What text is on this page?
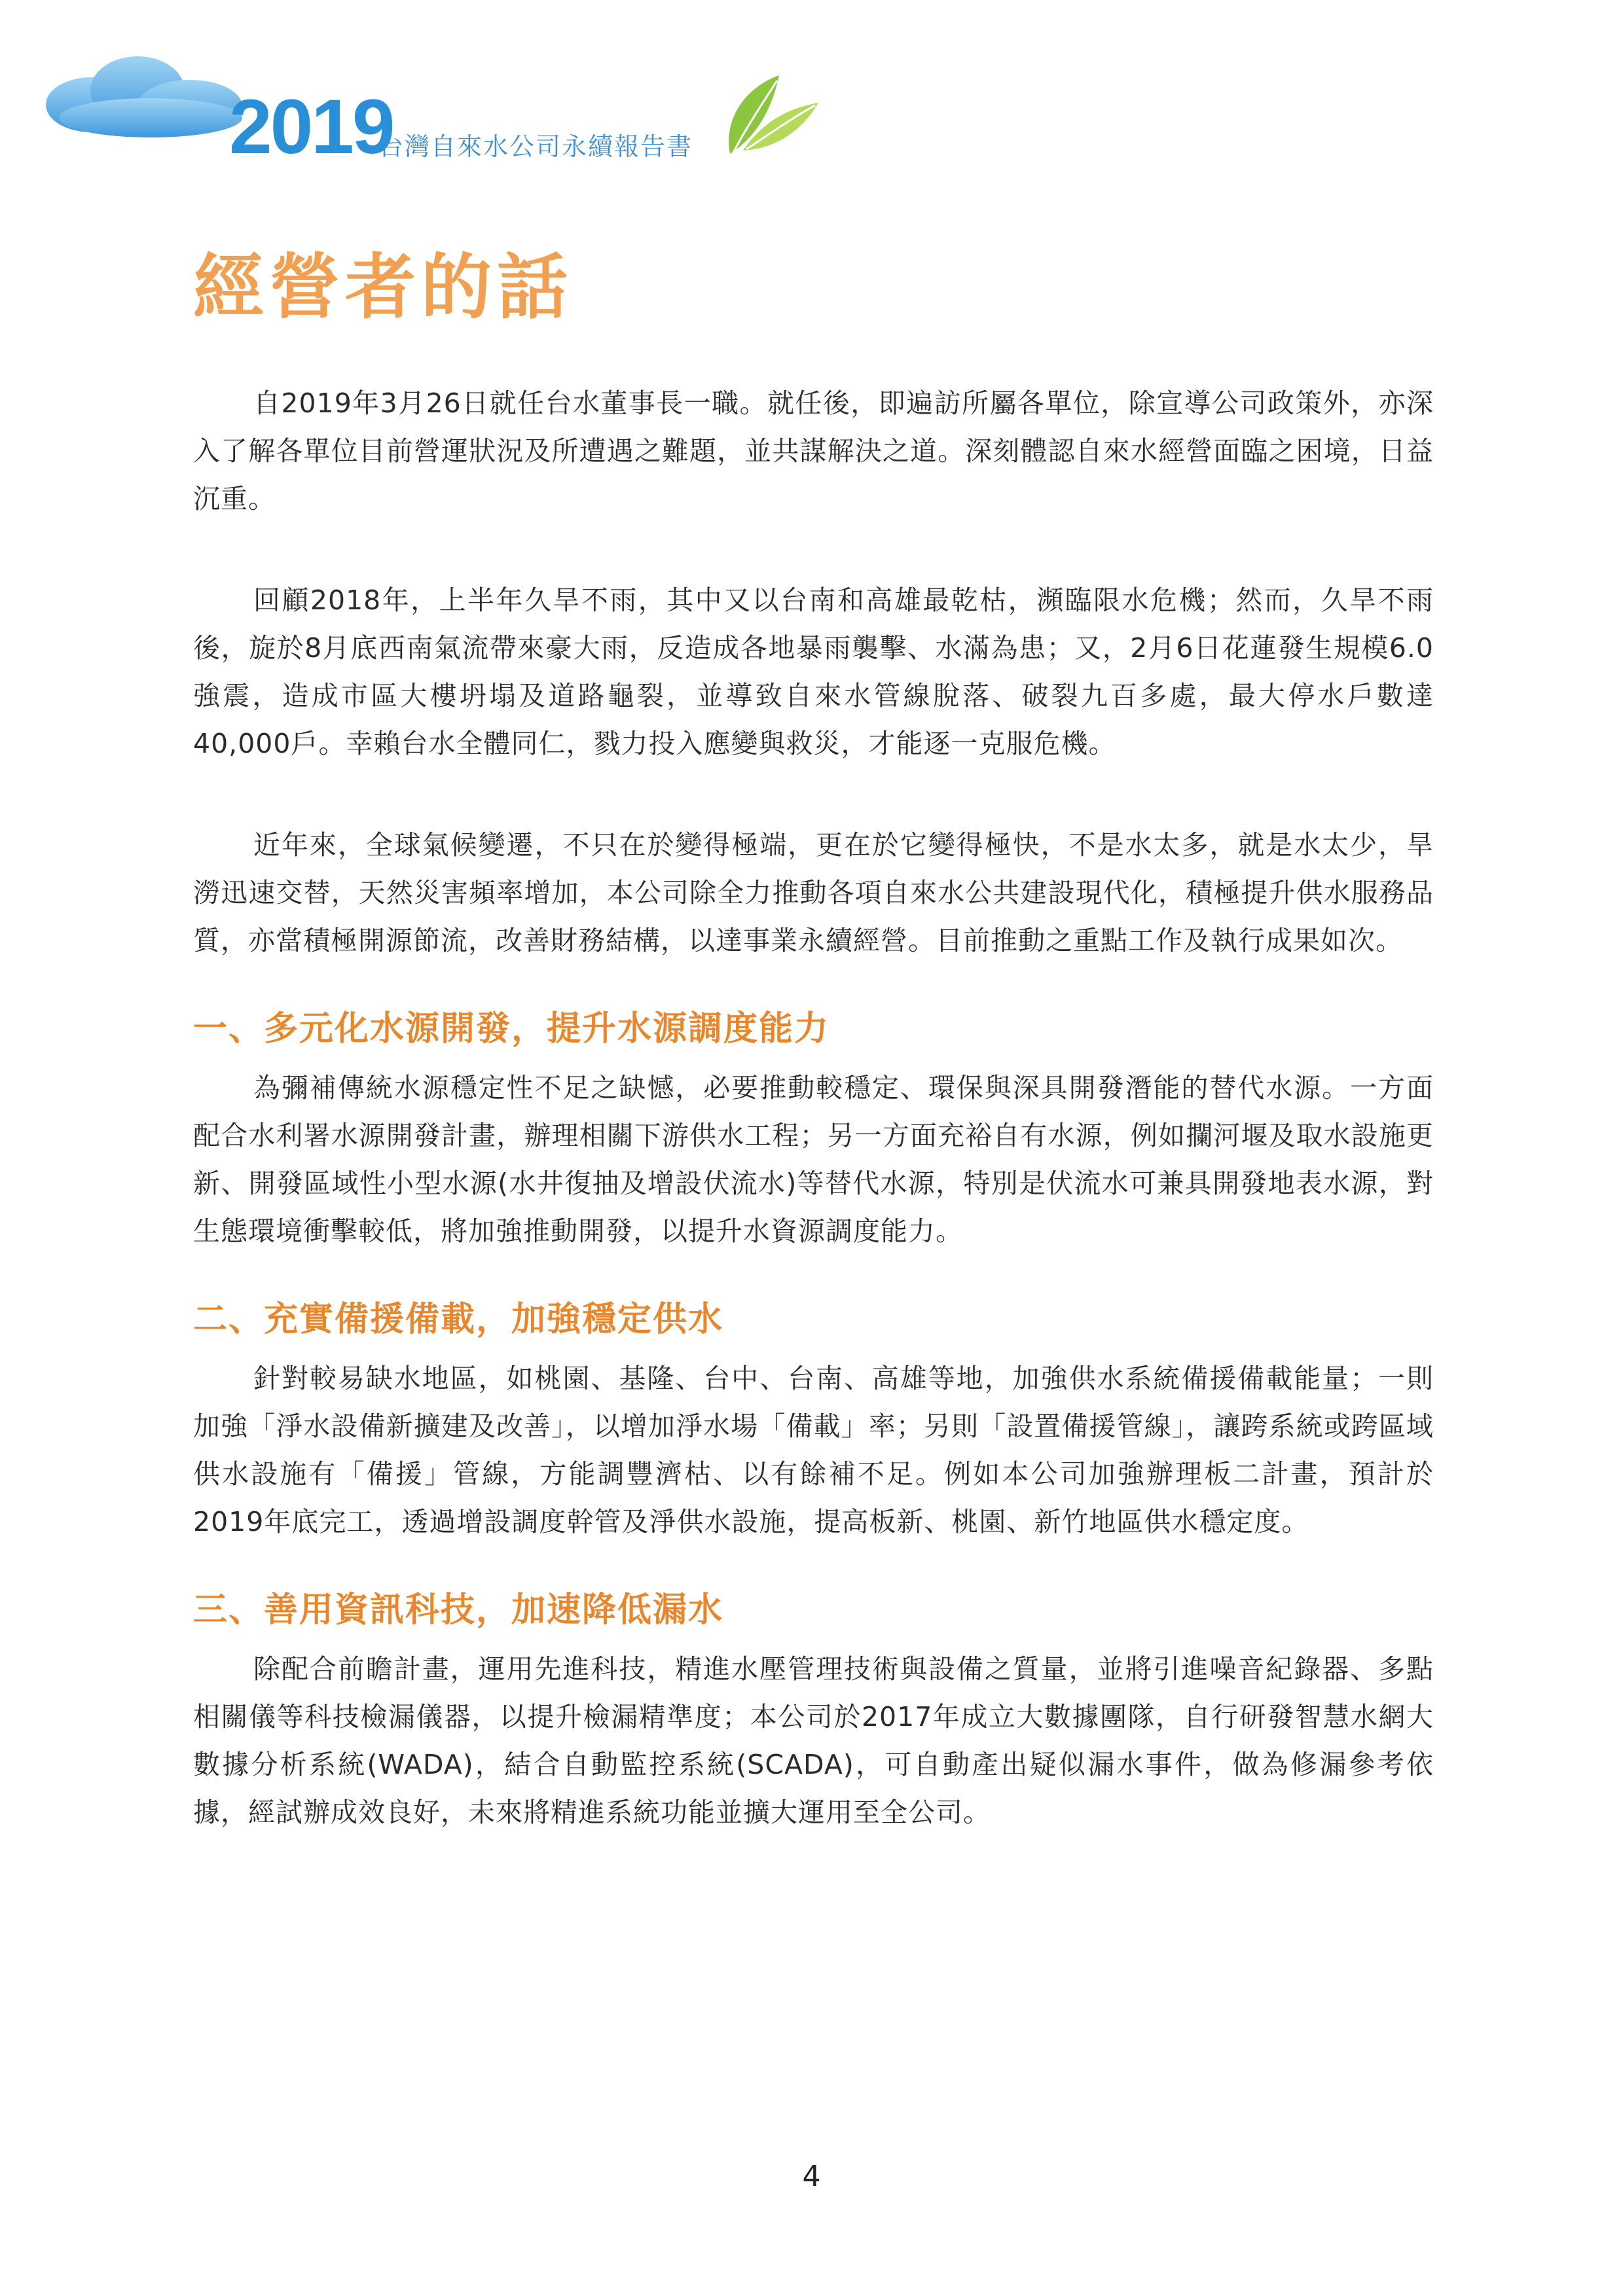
2019
台灣自來水公司永續報告書
經營者的話

自2019年3月26日就任台水董事長一職。就任後，即遍訪所屬各單位，除宣導公司政策外，亦深入了解各單位目前營運狀況及所遭遇之難題，並共謀解決之道。深刻體認自來水經營面臨之困境，日益沉重。

回顧2018年，上半年久旱不雨，其中又以台南和高雄最乾枯，瀕臨限水危機；然而，久旱不雨後，旋於8月底西南氣流帶來豪大雨，反造成各地暴雨襲擊、水滿為患；又，2月6日花蓮發生規模6.0強震，造成市區大樓坍塌及道路龜裂，並導致自來水管線脫落、破裂九百多處，最大停水戶數達40,000戶。幸賴台水全體同仁，戮力投入應變與救災，才能逐一克服危機。

近年來，全球氣候變遷，不只在於變得極端，更在於它變得極快，不是水太多，就是水太少，旱澇迅速交替，天然災害頻率增加，本公司除全力推動各項自來水公共建設現代化，積極提升供水服務品質，亦當積極開源節流，改善財務結構，以達事業永續經營。目前推動之重點工作及執行成果如次。

一、多元化水源開發，提升水源調度能力

為彌補傳統水源穩定性不足之缺憾，必要推動較穩定、環保與深具開發潛能的替代水源。一方面配合水利署水源開發計畫，辦理相關下游供水工程；另一方面充裕自有水源，例如攔河堰及取水設施更新、開發區域性小型水源(水井復抽及增設伏流水)等替代水源，特別是伏流水可兼具開發地表水源，對生態環境衝擊較低，將加強推動開發，以提升水資源調度能力。

二、充實備援備載，加強穩定供水

針對較易缺水地區，如桃園、基隆、台中、台南、高雄等地，加強供水系統備援備載能量；一則加強「淨水設備新擴建及改善」，以增加淨水場「備載」率；另則「設置備援管線」，讓跨系統或跨區域供水設施有「備援」管線，方能調豐濟枯、以有餘補不足。例如本公司加強辦理板二計畫，預計於2019年底完工，透過增設調度幹管及淨供水設施，提高板新、桃園、新竹地區供水穩定度。

三、善用資訊科技，加速降低漏水

除配合前瞻計畫，運用先進科技，精進水壓管理技術與設備之質量，並將引進噪音紀錄器、多點相關儀等科技檢漏儀器，以提升檢漏精準度；本公司於2017年成立大數據團隊，自行研發智慧水網大數據分析系統(WADA)，結合自動監控系統(SCADA)，可自動產出疑似漏水事件，做為修漏參考依據，經試辦成效良好，未來將精進系統功能並擴大運用至全公司。

4
